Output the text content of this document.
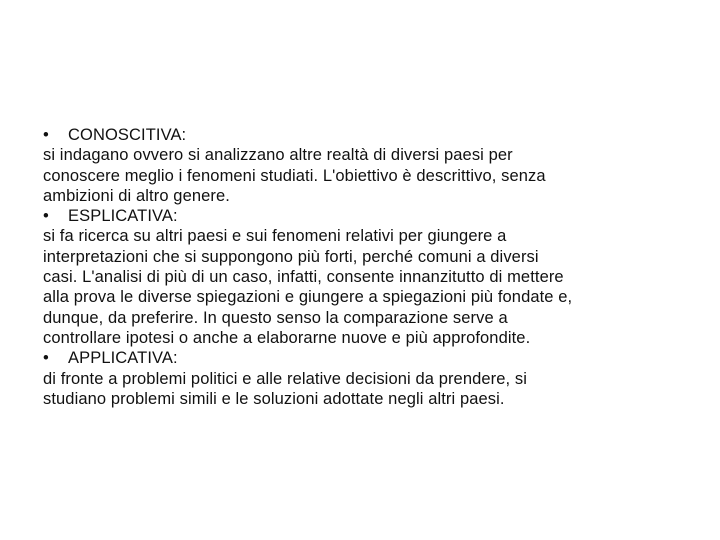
• CONOSCITIVA:
si indagano ovvero si analizzano altre realtà di diversi paesi per
conoscere meglio i fenomeni studiati. L'obiettivo è descrittivo, senza
ambizioni di altro genere.
• ESPLICATIVA:
si fa ricerca su altri paesi e sui fenomeni relativi per giungere a
interpretazioni che si suppongono più forti, perché comuni a diversi
casi. L'analisi di più di un caso, infatti, consente innanzitutto di mettere
alla prova le diverse spiegazioni e giungere a spiegazioni più fondate e,
dunque, da preferire. In questo senso la comparazione serve a
controllare ipotesi o anche a elaborarne nuove e più approfondite.
• APPLICATIVA:
di fronte a problemi politici e alle relative decisioni da prendere, si
studiano problemi simili e le soluzioni adottate negli altri paesi.
